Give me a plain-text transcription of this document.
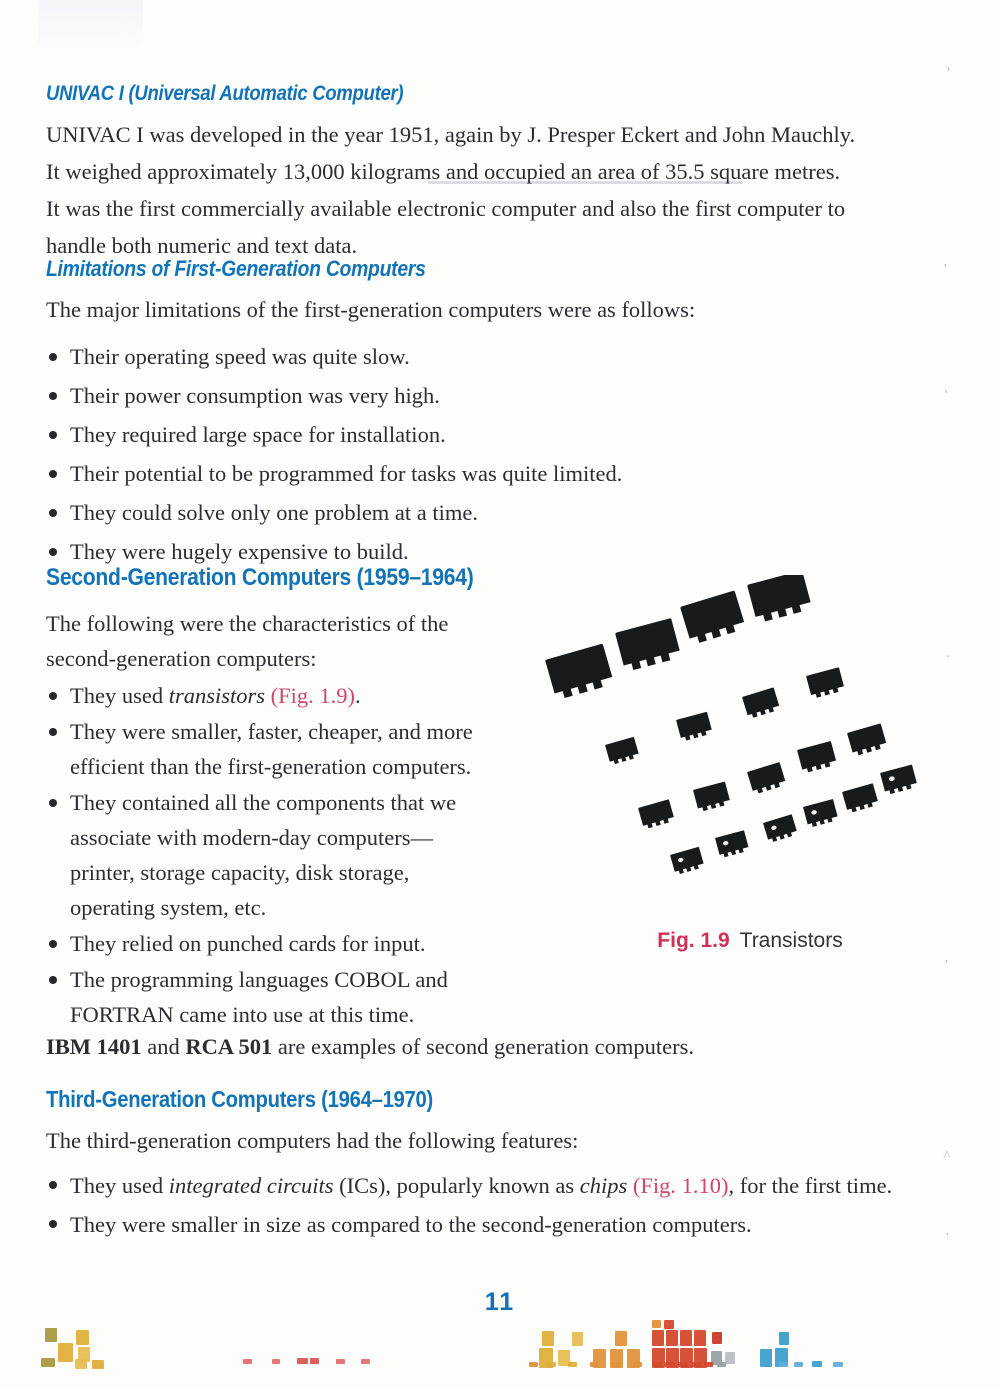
UNIVAC I (Universal Automatic Computer)

UNIVAC I was developed in the year 1951, again by J. Presper Eckert and John Mauchly.
It weighed approximately 13,000 kilograms and occupied an area of 35.5 square metres.
It was the first commercially available electronic computer and also the first computer to
handle both numeric and text data.

Limitations of First-Generation Computers

The major limitations of the first-generation computers were as follows:

Their operating speed was quite slow.
Their power consumption was very high.
They required large space for installation.
Their potential to be programmed for tasks was quite limited.
They could solve only one problem at a time.
They were hugely expensive to build.
Second-Generation Computers (1959–1964)

The following were the characteristics of the
second-generation computers:

They used transistors (Fig. 1.9).
They were smaller, faster, cheaper, and more
efficient than the first-generation computers.
They contained all the components that we
associate with modern-day computers—
printer, storage capacity, disk storage,
operating system, etc.
They relied on punched cards for input.
The programming languages COBOL and
FORTRAN came into use at this time.
Fig. 1.9 Transistors

IBM 1401 and RCA 501 are examples of second generation computers.

Third-Generation Computers (1964–1970)

The third-generation computers had the following features:

They used integrated circuits (ICs), popularly known as chips (Fig. 1.10), for the first time.
They were smaller in size as compared to the second-generation computers.
11
’
’
ʽ
·
’
˄
·
